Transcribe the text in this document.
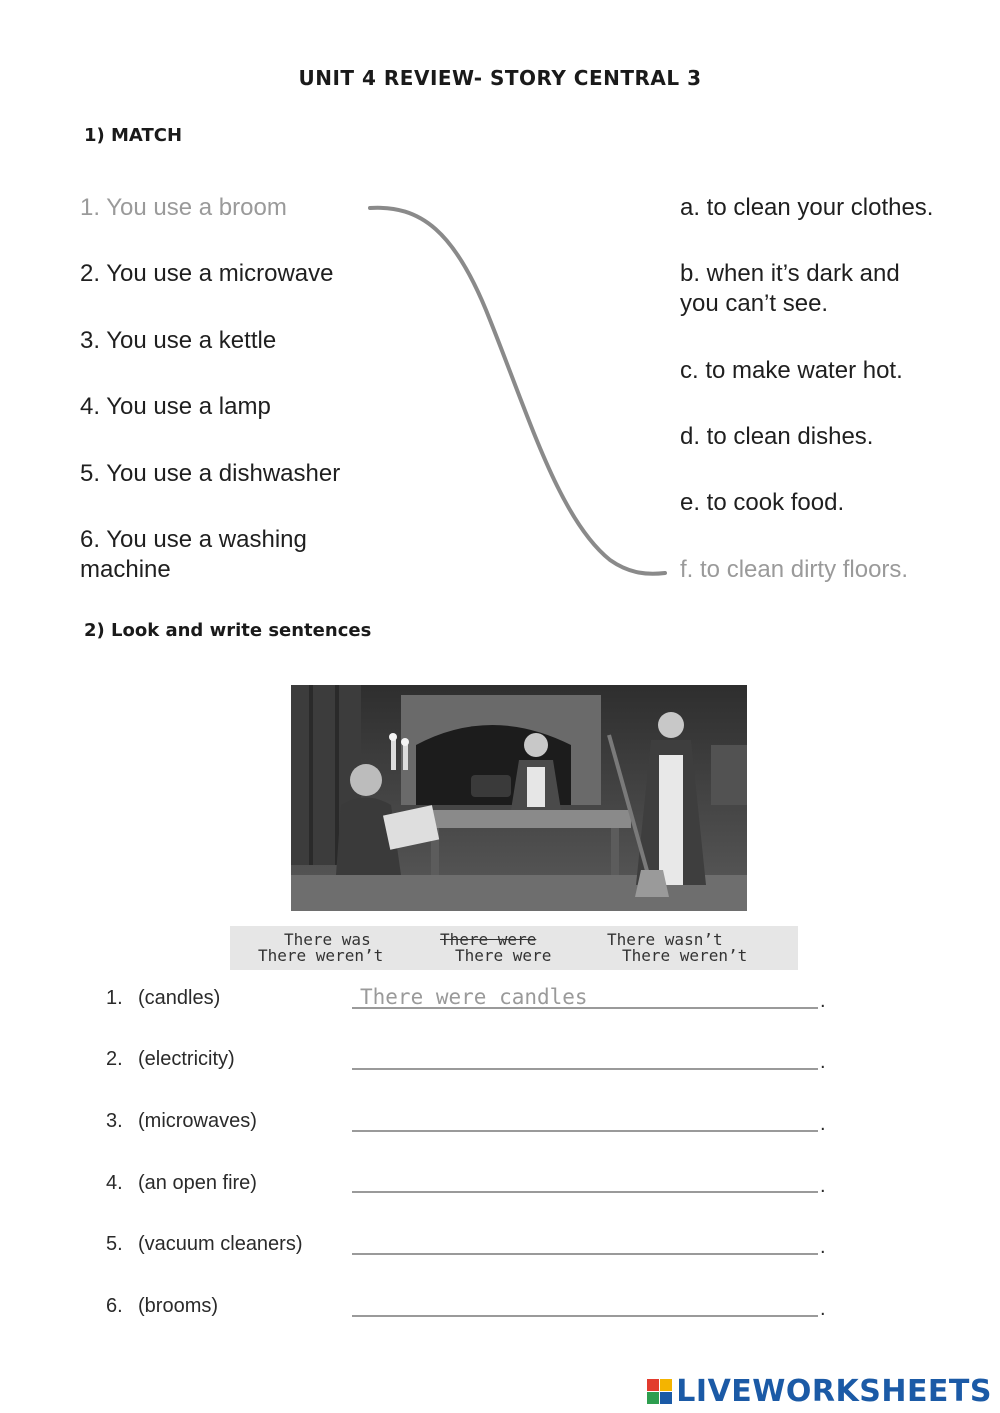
UNIT 4 REVIEW- STORY CENTRAL 3
1) MATCH
1. You use a broom
2. You use a microwave
3. You use a kettle
4. You use a lamp
5. You use a dishwasher
6. You use a washing
machine
a. to clean your clothes.
b. when it’s dark and
you can’t see.
c. to make water hot.
d. to clean dishes.
e. to cook food.
f. to clean dirty floors.
2) Look and write sentences
There was	There were	There wasn’t
There weren’t	There were	There weren’t
1. (candles)
There were candles	.
2. (electricity)	.
3. (microwaves)	.
4. (an open fire)	.
5. (vacuum cleaners)	.
6. (brooms)	.
LIVEWORKSHEETS
